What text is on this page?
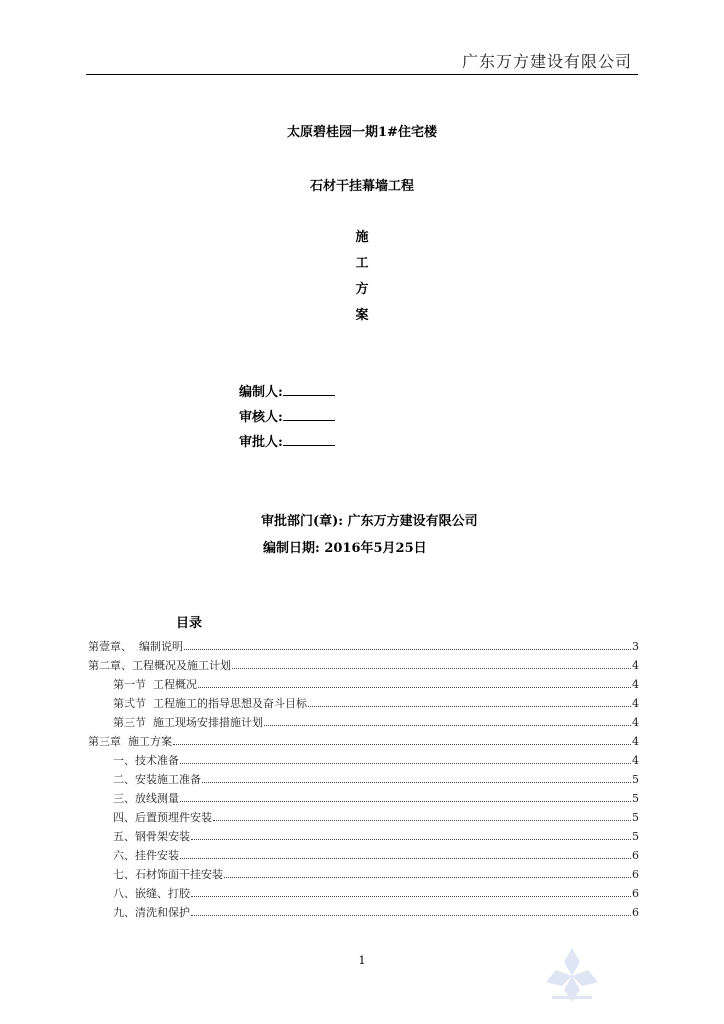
广东万方建设有限公司
太原碧桂园一期1#住宅楼
石材干挂幕墙工程
施
工
方
案
编制人:
审核人:
审批人:
审批部门(章): 广东万方建设有限公司
编制日期: 2016年5月25日
目录
第壹章、  编制说明	3
第二章、工程概况及施工计划	4
第一节  工程概况	4
第弍节  工程施工的指导思想及奋斗目标	4
第三节  施工现场安排措施计划	4
第三章  施工方案	4
一、技术准备	4
二、安装施工准备	5
三、放线测量	5
四、后置预埋件安装	5
五、钢骨架安装	5
六、挂件安装	6
七、石材饰面干挂安装	6
八、嵌缝、打胶	6
九、清洗和保护	6
1
